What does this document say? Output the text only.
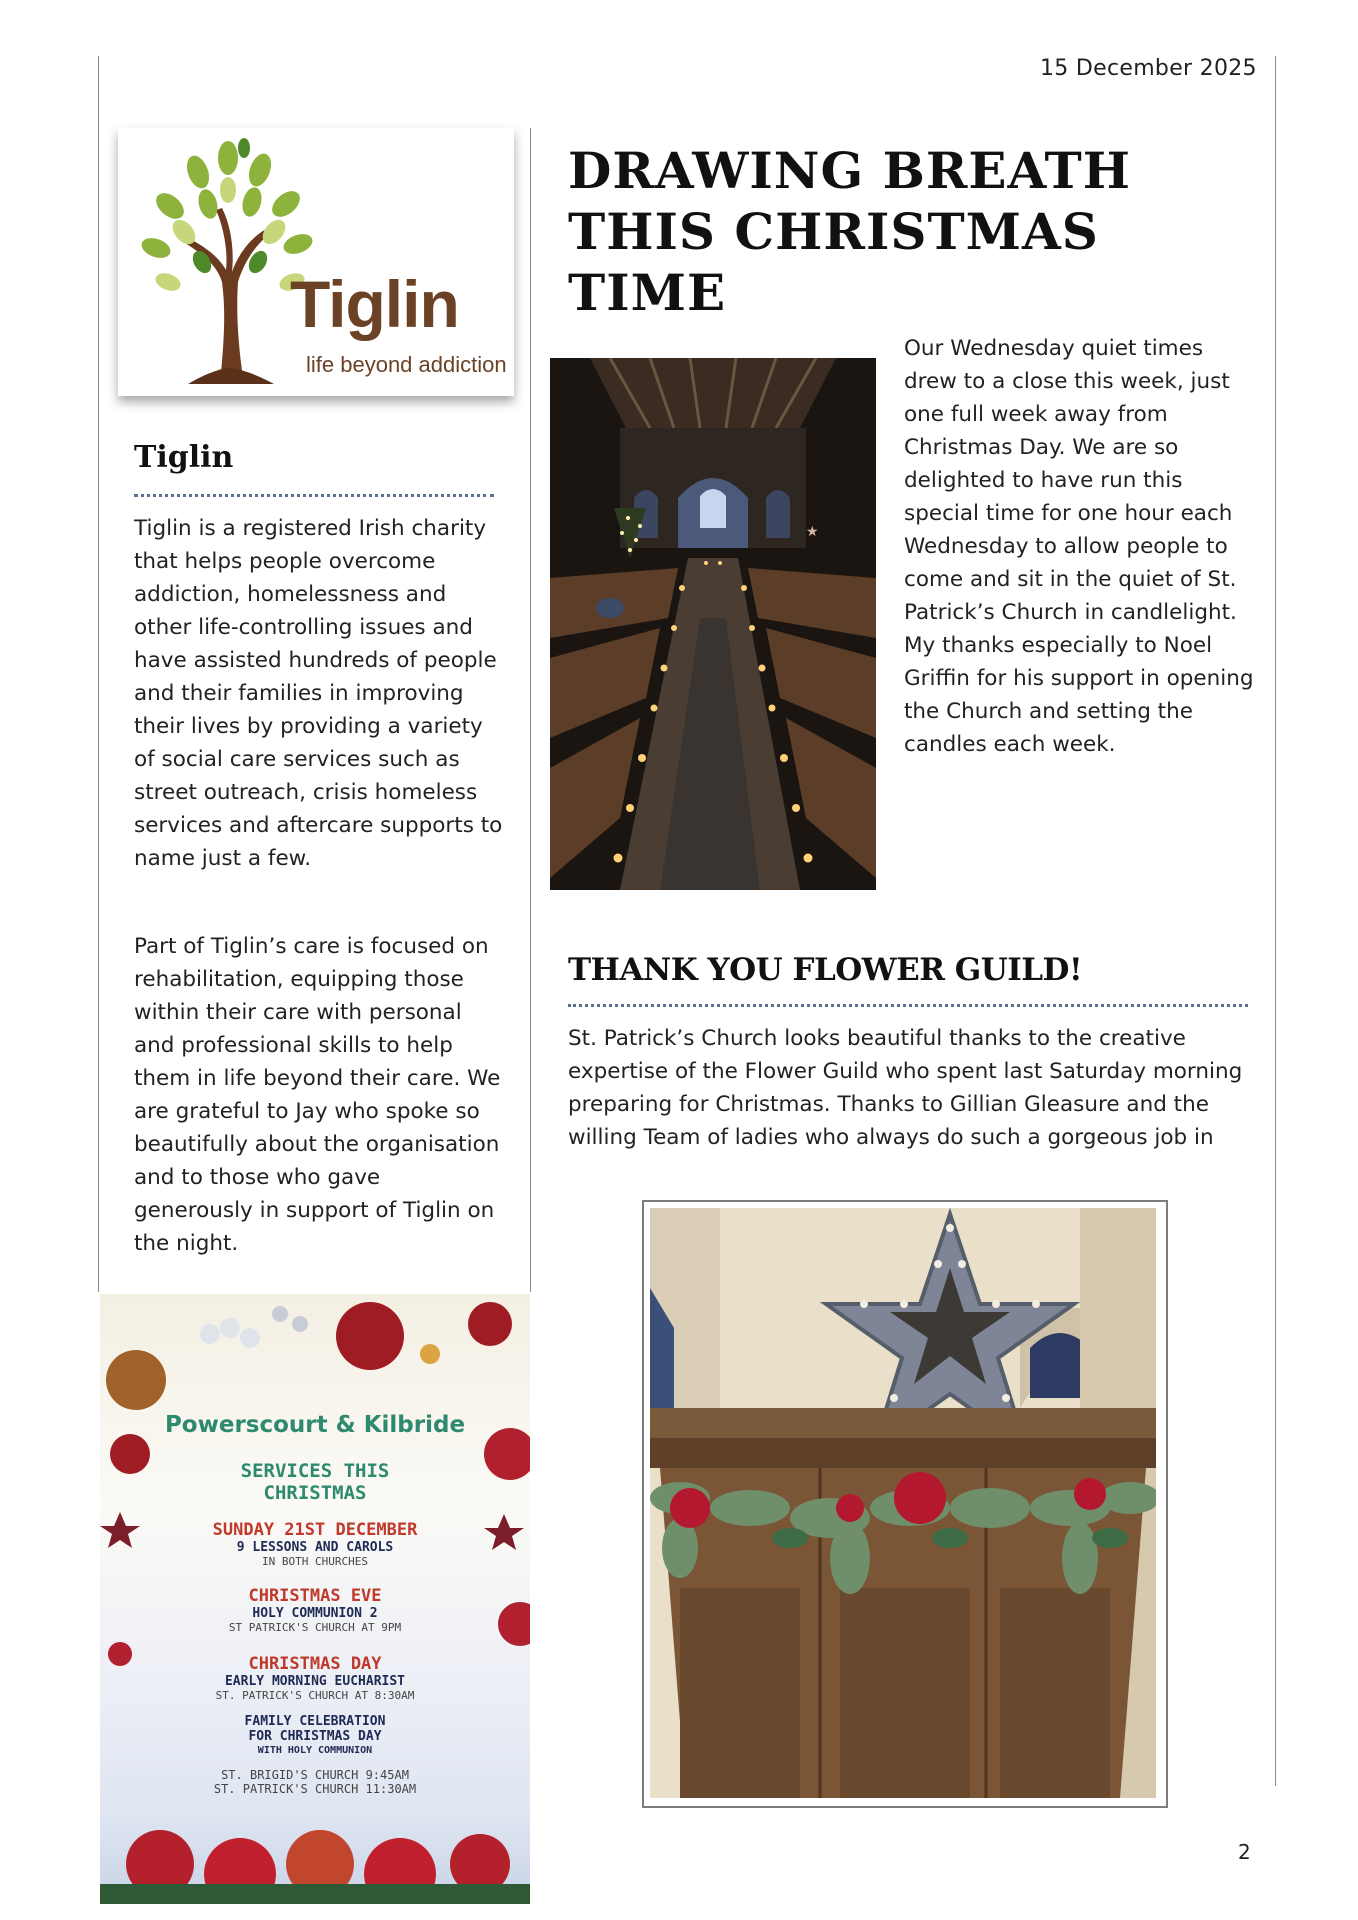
15 December 2025
Tiglin
life beyond addiction
Tiglin

Tiglin is a registered Irish charity that helps people overcome addiction, homelessness and other life-controlling issues and have assisted hundreds of people and their families in improving their lives by providing a variety of social care services such as street outreach, crisis homeless services and aftercare supports to name just a few.

Part of Tiglin’s care is focused on rehabilitation, equipping those within their care with personal and professional skills to help them in life beyond their care. We are grateful to Jay who spoke so beautifully about the organisation and to those who gave generously in support of Tiglin on the night.

DRAWING BREATH
THIS CHRISTMAS
TIME
★

Our Wednesday quiet times drew to a close this week, just one full week away from Christmas Day. We are so delighted to have run this special time for one hour each Wednesday to allow people to come and sit in the quiet of St. Patrick’s Church in candlelight. My thanks especially to Noel Griffin for his support in opening the Church and setting the candles each week.

THANK YOU FLOWER GUILD!

St. Patrick’s Church looks beautiful thanks to the creative expertise of the Flower Guild who spent last Saturday morning preparing for Christmas. Thanks to Gillian Gleasure and the willing Team of ladies who always do such a gorgeous job in

Powerscourt & Kilbride
SERVICES THIS CHRISTMAS
SUNDAY 21ST DECEMBER
9 LESSONS AND CAROLS
IN BOTH CHURCHES
CHRISTMAS EVE
HOLY COMMUNION 2
ST PATRICK'S CHURCH AT 9PM
CHRISTMAS DAY
EARLY MORNING EUCHARIST
ST. PATRICK'S CHURCH AT 8:30AM
FAMILY CELEBRATION
FOR CHRISTMAS DAY
WITH HOLY COMMUNION
ST. BRIGID'S CHURCH 9:45AM
ST. PATRICK'S CHURCH 11:30AM
2
